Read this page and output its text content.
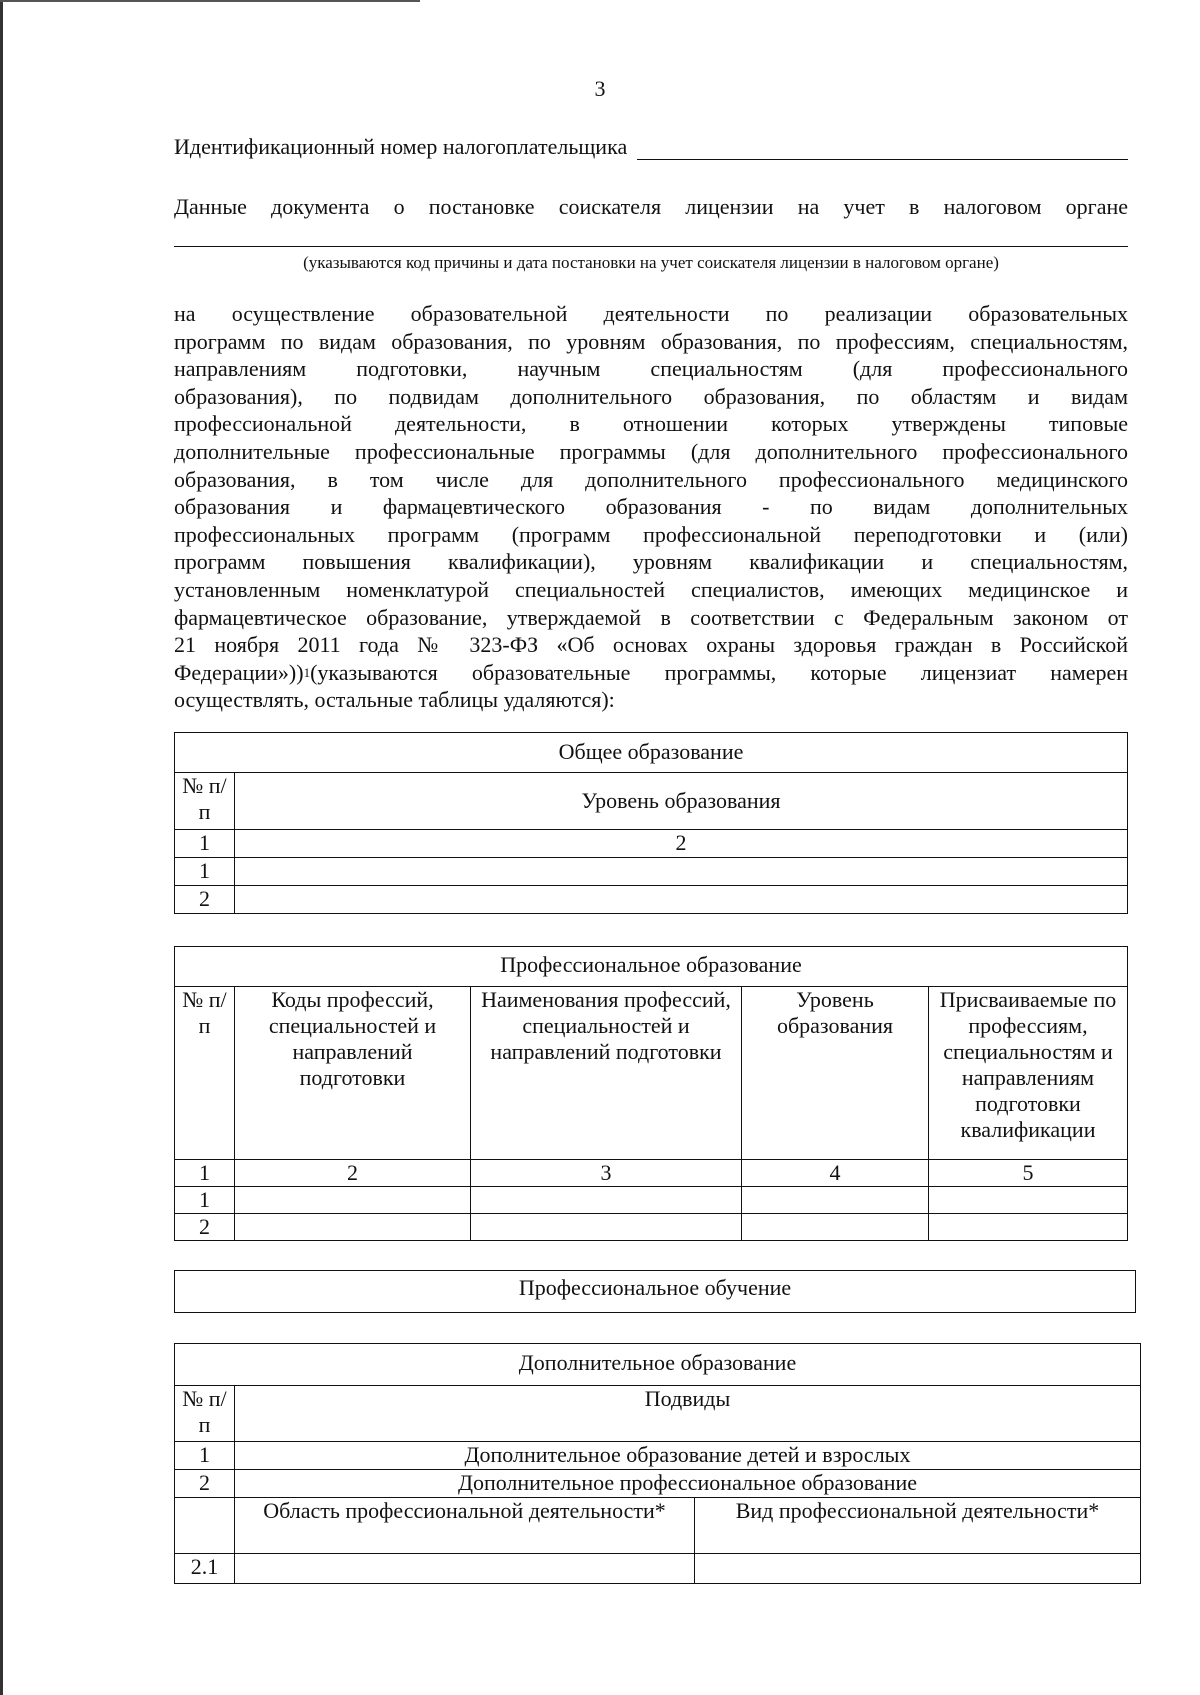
3
Идентификационный номер налогоплательщика
Данные документа о постановке соискателя лицензии на учет в налоговом органе
(указываются код причины и дата постановки на учет соискателя лицензии в налоговом органе)
на осуществление образовательной деятельности по реализации образовательных
программ по видам образования, по уровням образования, по профессиям, специальностям,
направлениям подготовки, научным специальностям (для профессионального
образования), по подвидам дополнительного образования, по областям и видам
профессиональной деятельности, в отношении которых утверждены типовые
дополнительные профессиональные программы (для дополнительного профессионального
образования, в том числе для дополнительного профессионального медицинского
образования и фармацевтического образования - по видам дополнительных
профессиональных программ (программ профессиональной переподготовки и (или)
программ повышения квалификации), уровням квалификации и специальностям,
установленным номенклатурой специальностей специалистов, имеющих медицинское и
фармацевтическое образование, утверждаемой в соответствии с Федеральным законом от
21 ноября 2011 года № 323-ФЗ «Об основах охраны здоровья граждан в Российской
Федерации»)) 1 (указываются образовательные программы, которые лицензиат намерен
осуществлять, остальные таблицы удаляются):
Общее образование	
№ п/п	Уровень образования
1	2
1	
2	
Профессиональное образование				
№ п/п	Коды профессий, специальностей и направлений подготовки	Наименования профессий, специальностей и направлений подготовки	Уровень образования	Присваиваемые по профессиям, специальностям и направлениям подготовки квалификации
1	2	3	4	5
1				
2				
Профессиональное обучение
Дополнительное образование		
№ п/п	Подвиды	
1	Дополнительное образование детей и взрослых	
2	Дополнительное профессиональное образование	
	Область профессиональной деятельности*	Вид профессиональной деятельности*
2.1		
